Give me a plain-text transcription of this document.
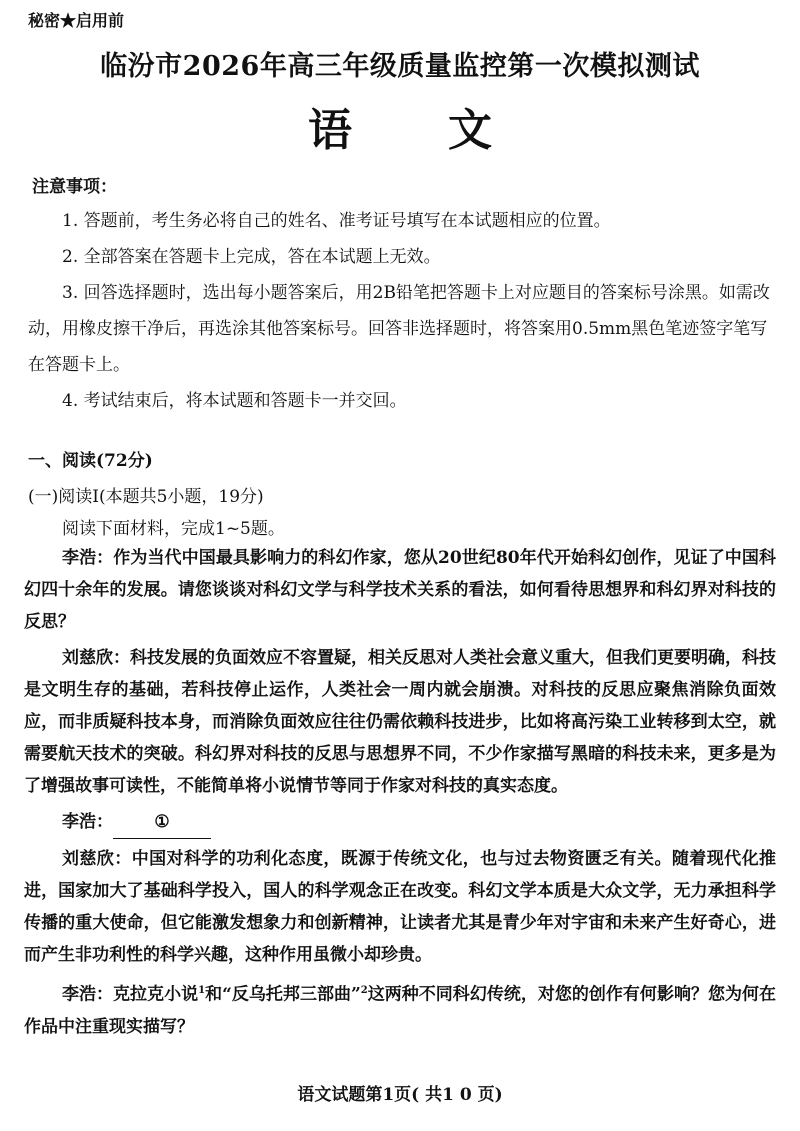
秘密★启用前
临汾市2026年高三年级质量监控第一次模拟测试
语文
注意事项：

1. 答题前，考生务必将自己的姓名、准考证号填写在本试题相应的位置。

2. 全部答案在答题卡上完成，答在本试题上无效。

3. 回答选择题时，选出每小题答案后，用2B铅笔把答题卡上对应题目的答案标号涂黑。如需改动，用橡皮擦干净后，再选涂其他答案标号。回答非选择题时，将答案用0.5mm黑色笔迹签字笔写在答题卡上。

4. 考试结束后，将本试题和答题卡一并交回。

一、阅读(72分)
(一)阅读Ⅰ(本题共5小题，19分)
阅读下面材料，完成1~5题。

李浩：作为当代中国最具影响力的科幻作家，您从20世纪80年代开始科幻创作，见证了中国科幻四十余年的发展。请您谈谈对科幻文学与科学技术关系的看法，如何看待思想界和科幻界对科技的反思？

刘慈欣：科技发展的负面效应不容置疑，相关反思对人类社会意义重大，但我们更要明确，科技是文明生存的基础，若科技停止运作，人类社会一周内就会崩溃。对科技的反思应聚焦消除负面效应，而非质疑科技本身，而消除负面效应往往仍需依赖科技进步，比如将高污染工业转移到太空，就需要航天技术的突破。科幻界对科技的反思与思想界不同，不少作家描写黑暗的科技未来，更多是为了增强故事可读性，不能简单将小说情节等同于作家对科技的真实态度。

李浩： ①

刘慈欣：中国对科学的功利化态度，既源于传统文化，也与过去物资匮乏有关。随着现代化推进，国家加大了基础科学投入，国人的科学观念正在改变。科幻文学本质是大众文学，无力承担科学传播的重大使命，但它能激发想象力和创新精神，让读者尤其是青少年对宇宙和未来产生好奇心，进而产生非功利性的科学兴趣，这种作用虽微小却珍贵。

李浩：克拉克小说$^1$和“反乌托邦三部曲”$^2$这两种不同科幻传统，对您的创作有何影响？您为何在作品中注重现实描写？

语文试题第1页( 共1 0 页)
